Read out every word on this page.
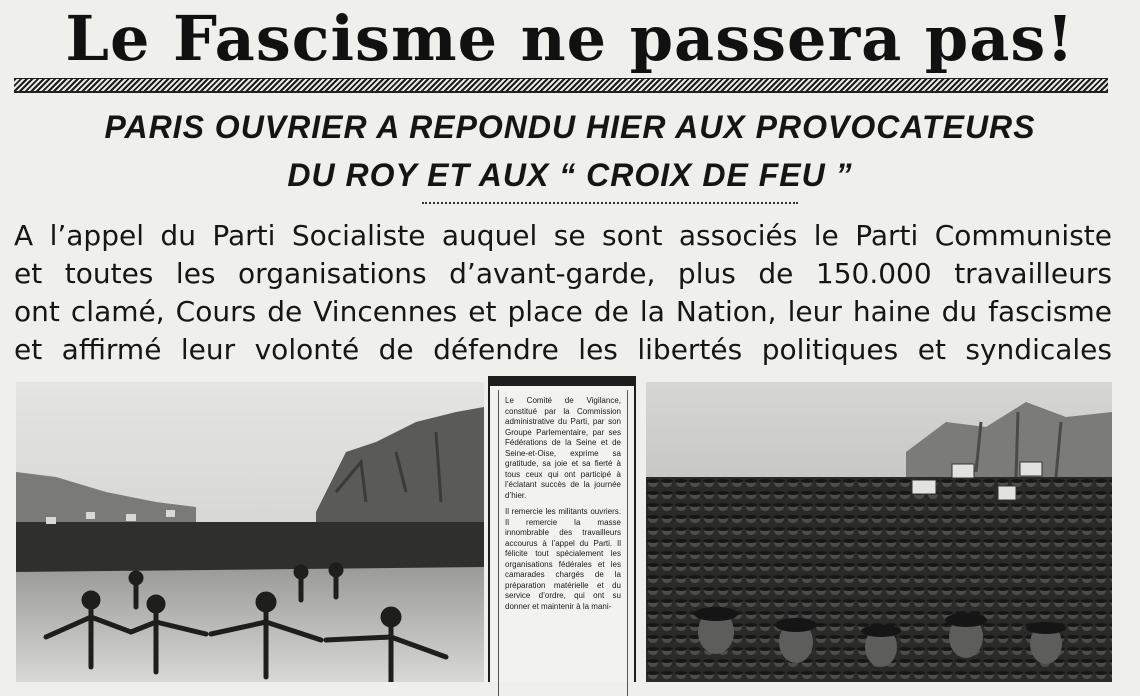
Le Fascisme ne passera pas!
PARIS OUVRIER A REPONDU HIER AUX PROVOCATEURS
DU ROY ET AUX “ CROIX DE FEU ”
A l’appel du Parti Socialiste auquel se sont associés le Parti Communiste
et toutes les organisations d’avant-garde, plus de 150.000 travailleurs
ont clamé, Cours de Vincennes et place de la Nation, leur haine du fascisme
et affirmé leur volonté de défendre les libertés politiques et syndicales

Le Comité de Vigilance, constitué par la Commission administrative du Parti, par son Groupe Parlementaire, par ses Fédérations de la Seine et de Seine-et-Oise, exprime sa gratitude, sa joie et sa fierté à tous ceux qui ont participé à l’éclatant succès de la journée d’hier.

Il remercie les militants ouvriers. Il remercie la masse innombrable des travailleurs accourus à l’appel du Parti. Il félicite tout spécialement les organisations fédérales et les camarades chargés de la préparation matérielle et du service d’ordre, qui ont su donner et maintenir à la mani-
